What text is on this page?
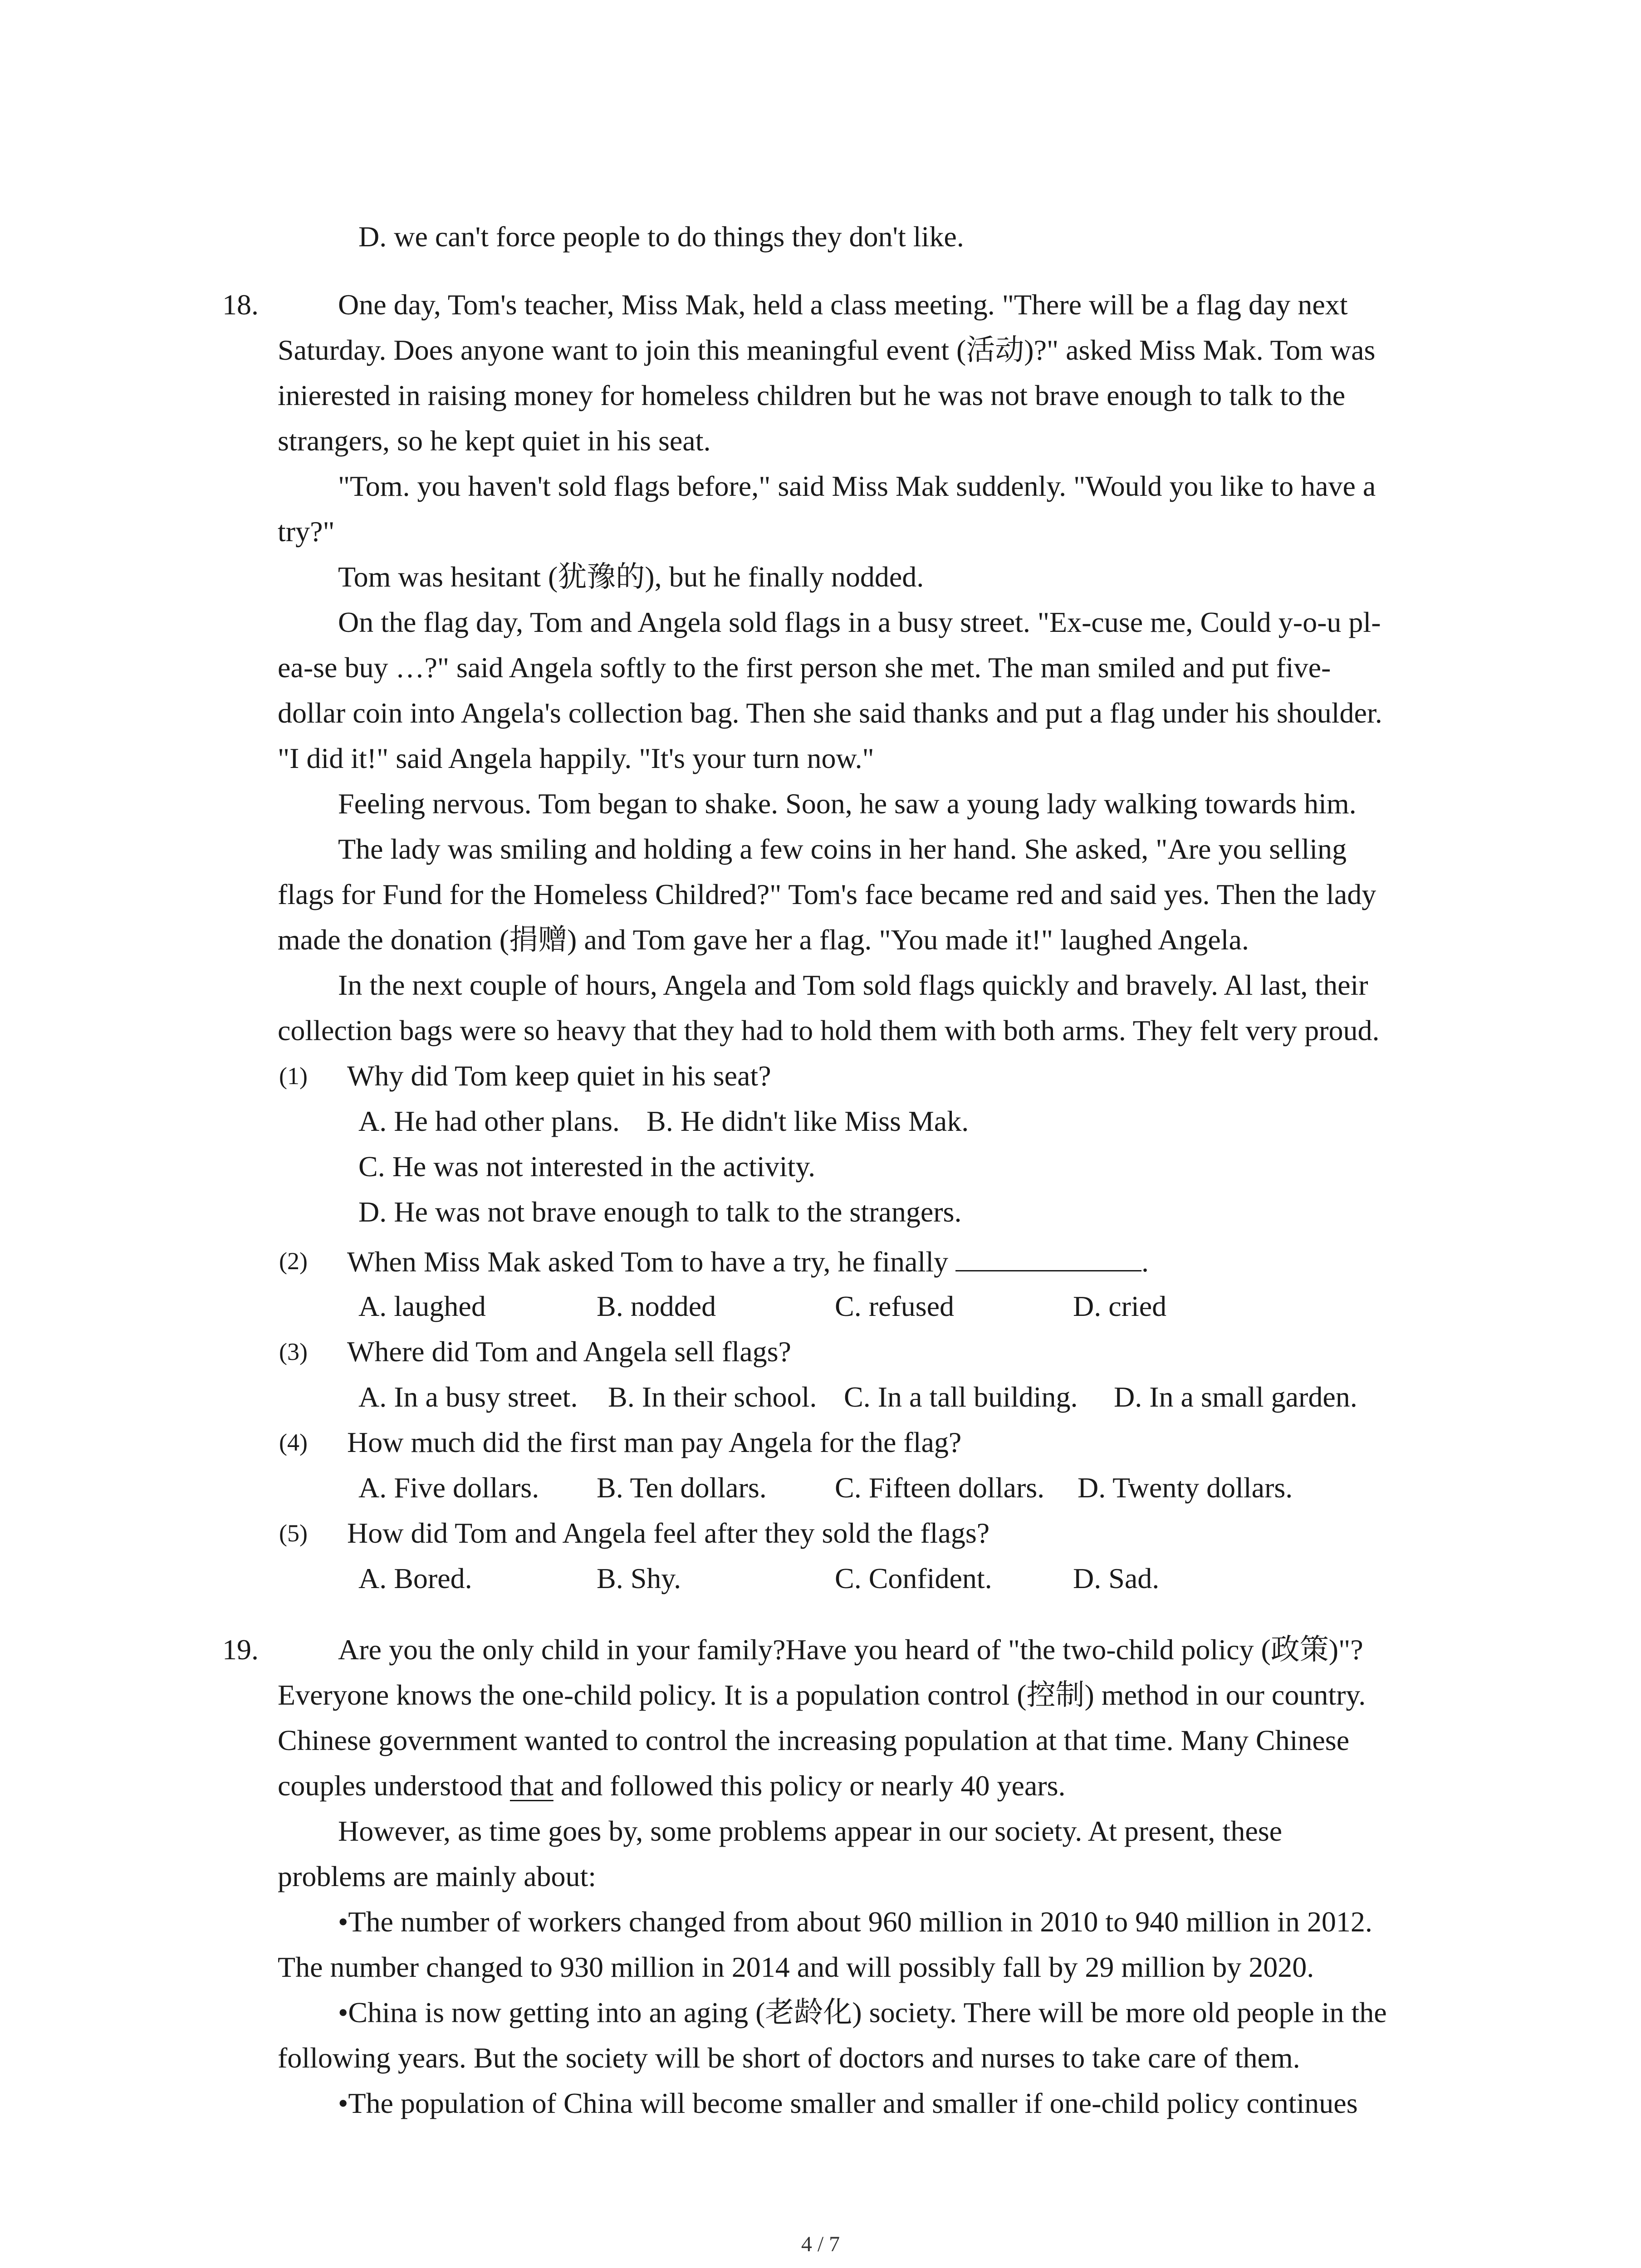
D. we can't force people to do things they don't like.
18.	One day, Tom's teacher, Miss Mak, held a class meeting. "There will be a flag day next
Saturday. Does anyone want to join this meaningful event (活动)?" asked Miss Mak. Tom was
inierested in raising money for homeless children but he was not brave enough to talk to the
strangers, so he kept quiet in his seat.
"Tom. you haven't sold flags before," said Miss Mak suddenly. "Would you like to have a
try?"
Tom was hesitant (犹豫的), but he finally nodded.
On the flag day, Tom and Angela sold flags in a busy street. "Ex-cuse me, Could y-o-u pl-
ea-se buy …?" said Angela softly to the first person she met. The man smiled and put five-
dollar coin into Angela's collection bag. Then she said thanks and put a flag under his shoulder.
"I did it!" said Angela happily. "It's your turn now."
Feeling nervous. Tom began to shake. Soon, he saw a young lady walking towards him.
The lady was smiling and holding a few coins in her hand. She asked, "Are you selling
flags for Fund for the Homeless Childred?" Tom's face became red and said yes. Then the lady
made the donation (捐赠) and Tom gave her a flag. "You made it!" laughed Angela.
In the next couple of hours, Angela and Tom sold flags quickly and bravely. Al last, their
collection bags were so heavy that they had to hold them with both arms. They felt very proud.
(1) Why did Tom keep quiet in his seat?
A. He had other plans. B. He didn't like Miss Mak.
C. He was not interested in the activity.
D. He was not brave enough to talk to the strangers.
(2) When Miss Mak asked Tom to have a try, he finally	.
A. laughed	B. nodded	C. refused	D. cried
(3) Where did Tom and Angela sell flags?
A. In a busy street. B. In their school. C. In a tall building. D. In a small garden.
(4) How much did the first man pay Angela for the flag?
A. Five dollars. B. Ten dollars. C. Fifteen dollars. D. Twenty dollars.
(5) How did Tom and Angela feel after they sold the flags?
A. Bored.	B. Shy.	C. Confident.	D. Sad.
19.	Are you the only child in your family?Have you heard of "the two-child policy (政策)"?
Everyone knows the one-child policy. It is a population control (控制) method in our country.
Chinese government wanted to control the increasing population at that time. Many Chinese
couples understood that and followed this policy or nearly 40 years.
However, as time goes by, some problems appear in our society. At present, these
problems are mainly about:
•The number of workers changed from about 960 million in 2010 to 940 million in 2012.
The number changed to 930 million in 2014 and will possibly fall by 29 million by 2020.
•China is now getting into an aging (老龄化) society. There will be more old people in the
following years. But the society will be short of doctors and nurses to take care of them.
•The population of China will become smaller and smaller if one-child policy continues
4 / 7
